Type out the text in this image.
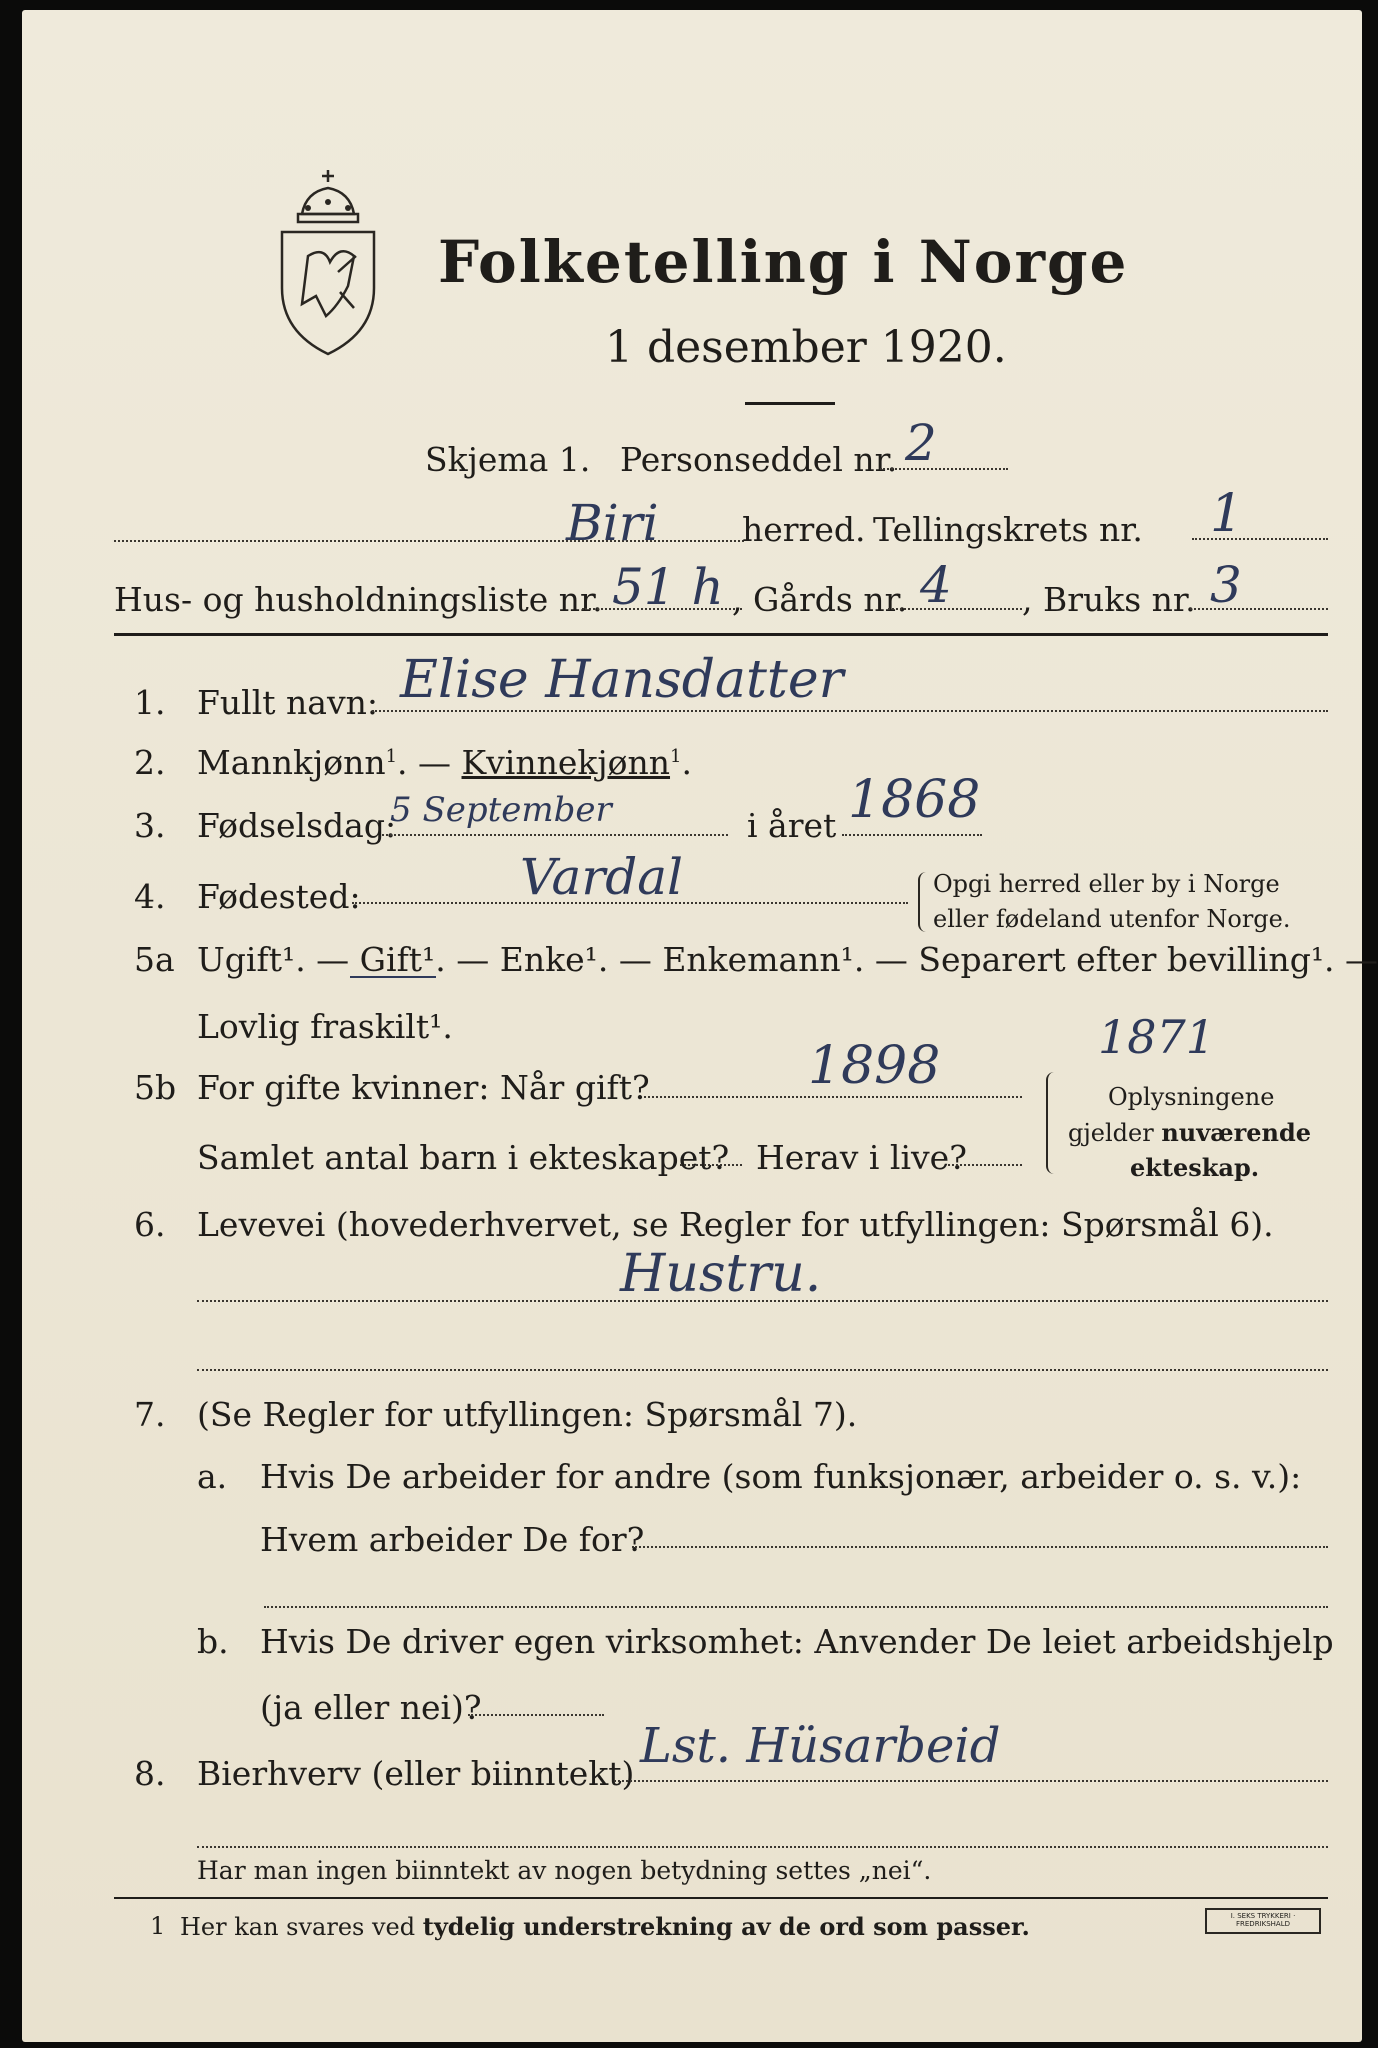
Folketelling i Norge
1 desember 1920.
Skjema 1. Personseddel nr. 2
Biri	herred. Tellingskrets nr. 1
Hus- og husholdningsliste nr. 51 h , Gårds nr. 4 , Bruks nr. 3
1. Fullt navn: Elise Hansdatter
2. Mannkjønn$^1$. — Kvinnekjønn$^1$.
3. Fødselsdag:
5 September	i året 1868
4. Fødested:	Vardal	Opgi herred eller by i Norge
eller fødeland utenfor Norge.
5a Ugift¹. — Gift¹. — Enke¹. — Enkemann¹. — Separert efter bevilling¹. —
Lovlig fraskilt¹.
5b For gifte kvinner: Når gift?	1898	1871
Samlet antal barn i ekteskapet? Herav i live?
Oplysningene
gjelder nuværende
ekteskap.
6. Levevei (hovederhvervet, se Regler for utfyllingen: Spørsmål 6).
Hustru.
7. (Se Regler for utfyllingen: Spørsmål 7).
a. Hvis De arbeider for andre (som funksjonær, arbeider o. s. v.):
Hvem arbeider De for?
b. Hvis De driver egen virksomhet: Anvender De leiet arbeidshjelp
(ja eller nei)?
8. Bierhverv (eller biinntekt) Lst. Hüsarbeid
Har man ingen biinntekt av nogen betydning settes „nei“.
1 Her kan svares ved tydelig understrekning av de ord som passer.	I. SEKS TRYKKERI · FREDRIKSHALD
